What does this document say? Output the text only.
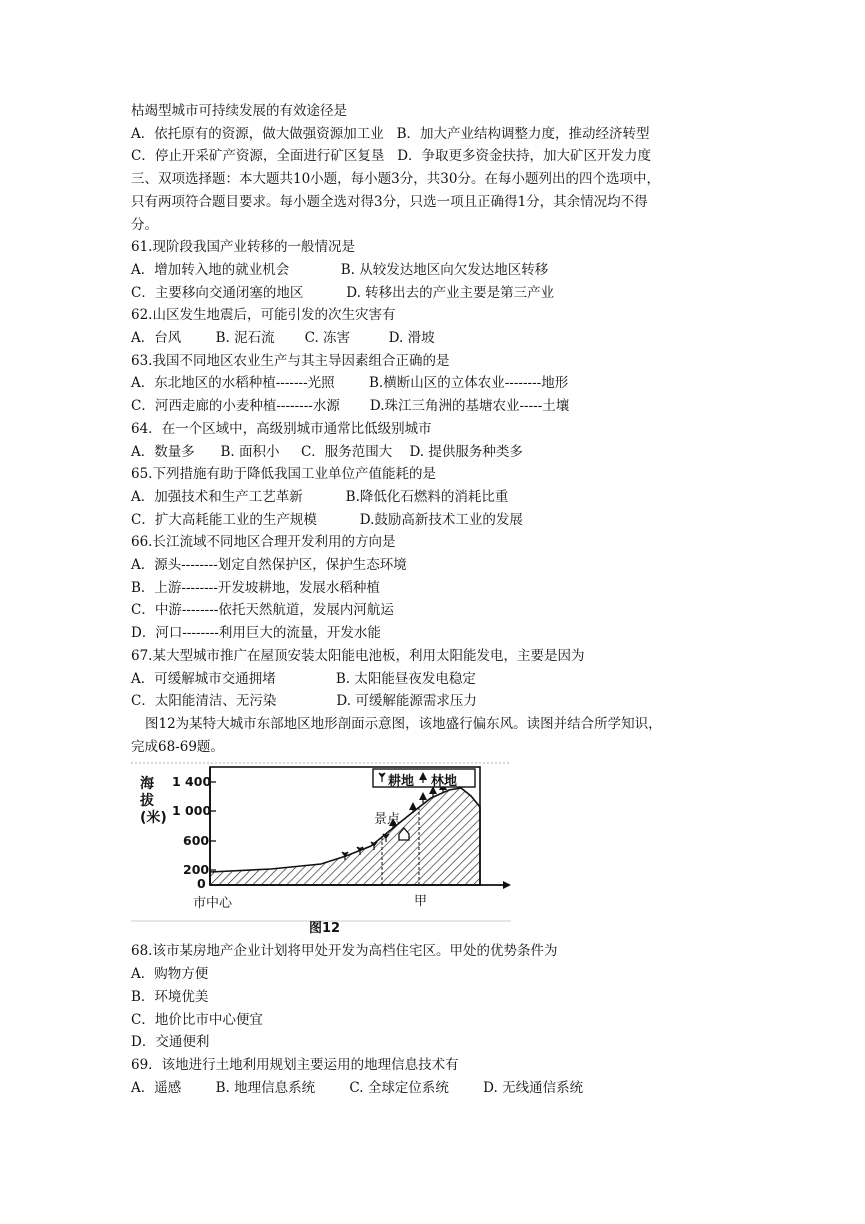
枯竭型城市可持续发展的有效途径是

A．依托原有的资源，做大做强资源加工业   B．加大产业结构调整力度，推动经济转型

C．停止开采矿产资源，全面进行矿区复垦   D．争取更多资金扶持，加大矿区开发力度

三、双项选择题：本大题共10小题，每小题3分，共30分。在每小题列出的四个选项中，

只有两项符合题目要求。每小题全选对得3分，只选一项且正确得1分，其余情况均不得

分。

61.现阶段我国产业转移的一般情况是

A．增加转入地的就业机会            B. 从较发达地区向欠发达地区转移

C．主要移向交通闭塞的地区          D. 转移出去的产业主要是第三产业

62.山区发生地震后，可能引发的次生灾害有

A．台风        B. 泥石流       C. 冻害         D. 滑坡

63.我国不同地区农业生产与其主导因素组合正确的是

A．东北地区的水稻种植-------光照        B.横断山区的立体农业--------地形

C．河西走廊的小麦种植--------水源       D.珠江三角洲的基塘农业-----土壤

64．在一个区域中，高级别城市通常比低级别城市

A．数量多      B. 面积小     C．服务范围大    D. 提供服务种类多

65.下列措施有助于降低我国工业单位产值能耗的是

A．加强技术和生产工艺革新          B.降低化石燃料的消耗比重

C．扩大高耗能工业的生产规模          D.鼓励高新技术工业的发展

66.长江流域不同地区合理开发利用的方向是

A．源头--------划定自然保护区，保护生态环境

B．上游--------开发坡耕地，发展水稻种植

C．中游--------依托天然航道，发展内河航运

D．河口--------利用巨大的流量，开发水能

67.某大型城市推广在屋顶安装太阳能电池板，利用太阳能发电，主要是因为

A．可缓解城市交通拥堵              B. 太阳能昼夜发电稳定

C．太阳能清洁、无污染              D. 可缓解能源需求压力

图12为某特大城市东部地区地形剖面示意图，该地盛行偏东风。读图并结合所学知识，

完成68-69题。

海拔(米)
1 400
1 000
600
200
0
耕地 林地
景点
市中心	甲
图12

68.该市某房地产企业计划将甲处开发为高档住宅区。甲处的优势条件为

A．购物方便

B．环境优美

C．地价比市中心便宜

D．交通便利

69．该地进行土地利用规划主要运用的地理信息技术有

A．遥感        B. 地理信息系统        C. 全球定位系统        D. 无线通信系统
